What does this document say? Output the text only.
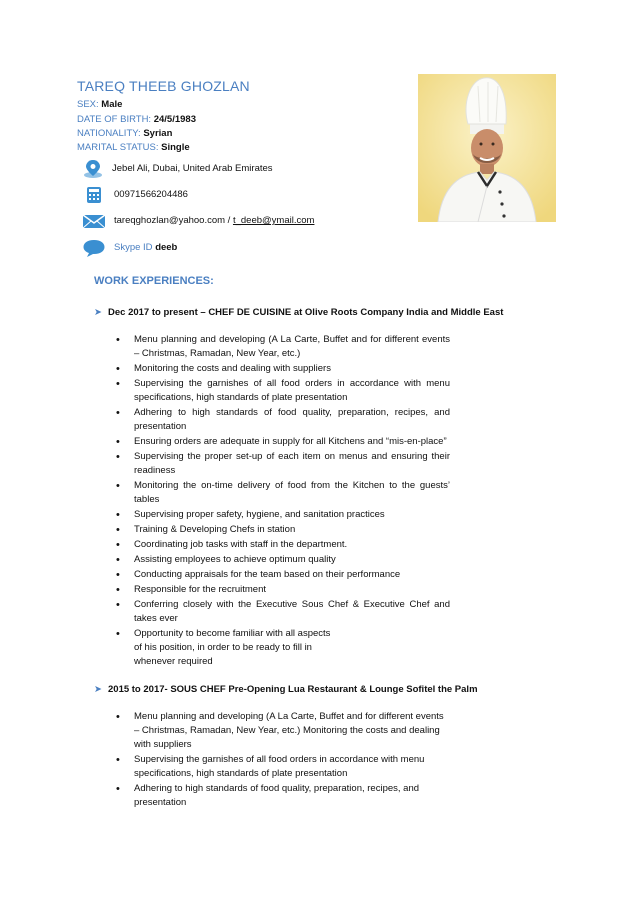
TAREQ THEEB GHOZLAN
SEX: Male
DATE OF BIRTH: 24/5/1983
NATIONALITY: Syrian
MARITAL STATUS: Single
Jebel Ali, Dubai, United Arab Emirates
00971566204486
tareqghozlan@yahoo.com / t_deeb@ymail.com
Skype ID deeb
WORK EXPERIENCES:
➤ Dec 2017 to present – CHEF DE CUISINE at Olive Roots Company India and Middle East
• Menu planning and developing (A La Carte, Buffet and for different events – Christmas, Ramadan, New Year, etc.)
• Monitoring the costs and dealing with suppliers
• Supervising the garnishes of all food orders in accordance with menu specifications, high standards of plate presentation
• Adhering to high standards of food quality, preparation, recipes, and presentation
• Ensuring orders are adequate in supply for all Kitchens and “mis-en-place”
• Supervising the proper set-up of each item on menus and ensuring their readiness
• Monitoring the on-time delivery of food from the Kitchen to the guests’ tables
• Supervising proper safety, hygiene, and sanitation practices
• Training & Developing Chefs in station
• Coordinating job tasks with staff in the department.
• Assisting employees to achieve optimum quality
• Conducting appraisals for the team based on their performance
• Responsible for the recruitment
• Conferring closely with the Executive Sous Chef & Executive Chef and takes ever
• Opportunity to become familiar with all aspects of his position, in order to be ready to fill in whenever required
➤ 2015 to 2017- SOUS CHEF Pre-Opening Lua Restaurant & Lounge Sofitel the Palm
• Menu planning and developing (A La Carte, Buffet and for different events – Christmas, Ramadan, New Year, etc.) Monitoring the costs and dealing with suppliers
• Supervising the garnishes of all food orders in accordance with menu specifications, high standards of plate presentation
• Adhering to high standards of food quality, preparation, recipes, and presentation
